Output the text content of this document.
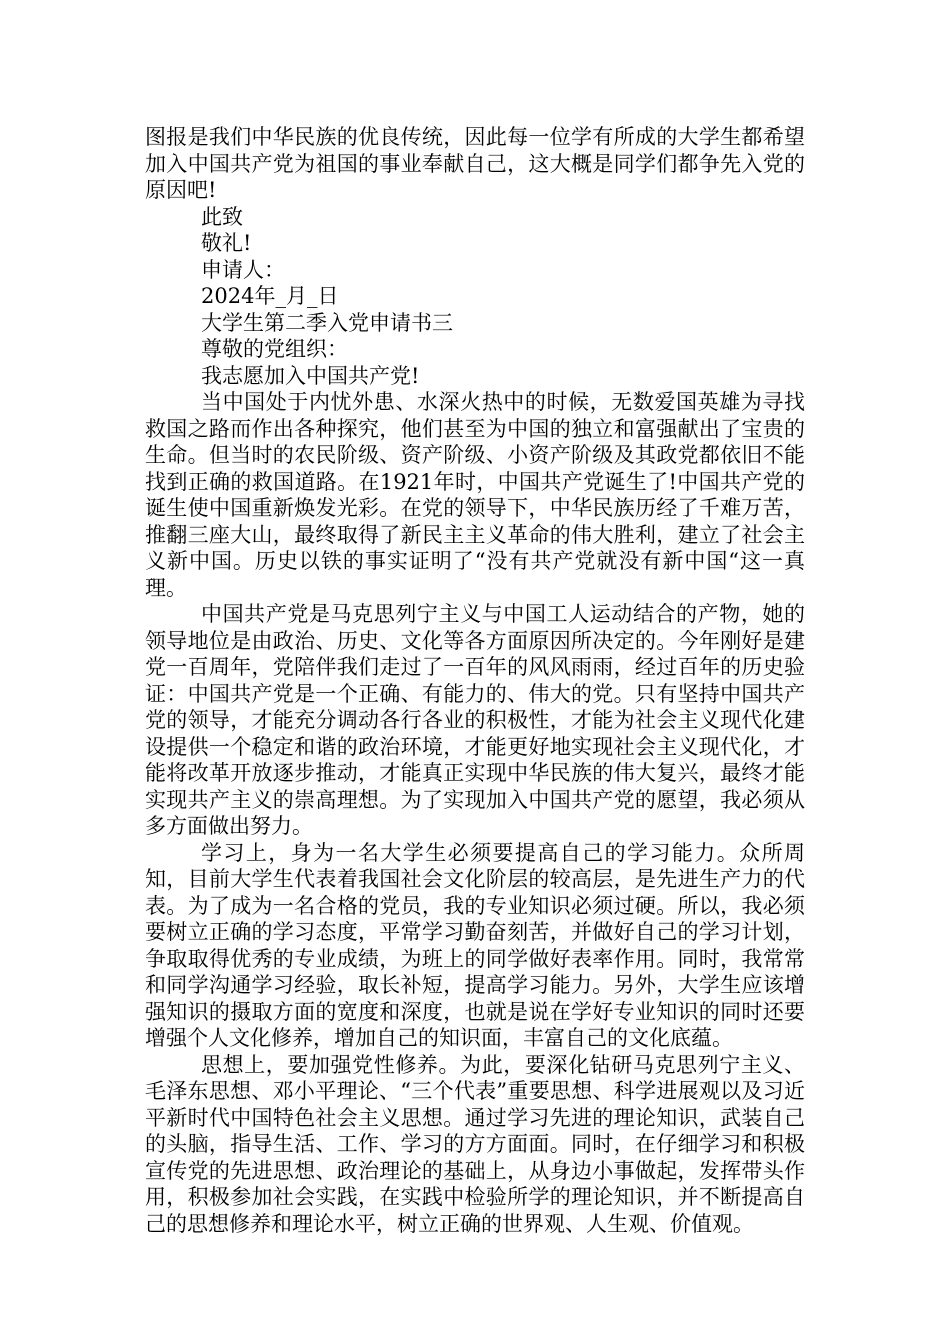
图报是我们中华民族的优良传统，因此每一位学有所成的大学生都希望加入中国共产党为祖国的事业奉献自己，这大概是同学们都争先入党的原因吧!

此致

敬礼!

申请人：

2024年_月_日

大学生第二季入党申请书三

尊敬的党组织：

我志愿加入中国共产党!

当中国处于内忧外患、水深火热中的时候，无数爱国英雄为寻找救国之路而作出各种探究，他们甚至为中国的独立和富强献出了宝贵的生命。但当时的农民阶级、资产阶级、小资产阶级及其政党都依旧不能找到正确的救国道路。在1921年时，中国共产党诞生了!中国共产党的诞生使中国重新焕发光彩。在党的领导下，中华民族历经了千难万苦，推翻三座大山，最终取得了新民主主义革命的伟大胜利，建立了社会主义新中国。历史以铁的事实证明了“没有共产党就没有新中国“这一真理。

中国共产党是马克思列宁主义与中国工人运动结合的产物，她的领导地位是由政治、历史、文化等各方面原因所决定的。今年刚好是建党一百周年，党陪伴我们走过了一百年的风风雨雨，经过百年的历史验证：中国共产党是一个正确、有能力的、伟大的党。只有坚持中国共产党的领导，才能充分调动各行各业的积极性，才能为社会主义现代化建设提供一个稳定和谐的政治环境，才能更好地实现社会主义现代化，才能将改革开放逐步推动，才能真正实现中华民族的伟大复兴，最终才能实现共产主义的崇高理想。为了实现加入中国共产党的愿望，我必须从多方面做出努力。

学习上，身为一名大学生必须要提高自己的学习能力。众所周知，目前大学生代表着我国社会文化阶层的较高层，是先进生产力的代表。为了成为一名合格的党员，我的专业知识必须过硬。所以，我必须要树立正确的学习态度，平常学习勤奋刻苦，并做好自己的学习计划，争取取得优秀的专业成绩，为班上的同学做好表率作用。同时，我常常和同学沟通学习经验，取长补短，提高学习能力。另外，大学生应该增强知识的摄取方面的宽度和深度，也就是说在学好专业知识的同时还要增强个人文化修养，增加自己的知识面，丰富自己的文化底蕴。

思想上，要加强党性修养。为此，要深化钻研马克思列宁主义、毛泽东思想、邓小平理论、“三个代表”重要思想、科学进展观以及习近平新时代中国特色社会主义思想。通过学习先进的理论知识，武装自己的头脑，指导生活、工作、学习的方方面面。同时，在仔细学习和积极宣传党的先进思想、政治理论的基础上，从身边小事做起，发挥带头作用，积极参加社会实践，在实践中检验所学的理论知识，并不断提高自己的思想修养和理论水平，树立正确的世界观、人生观、价值观。
